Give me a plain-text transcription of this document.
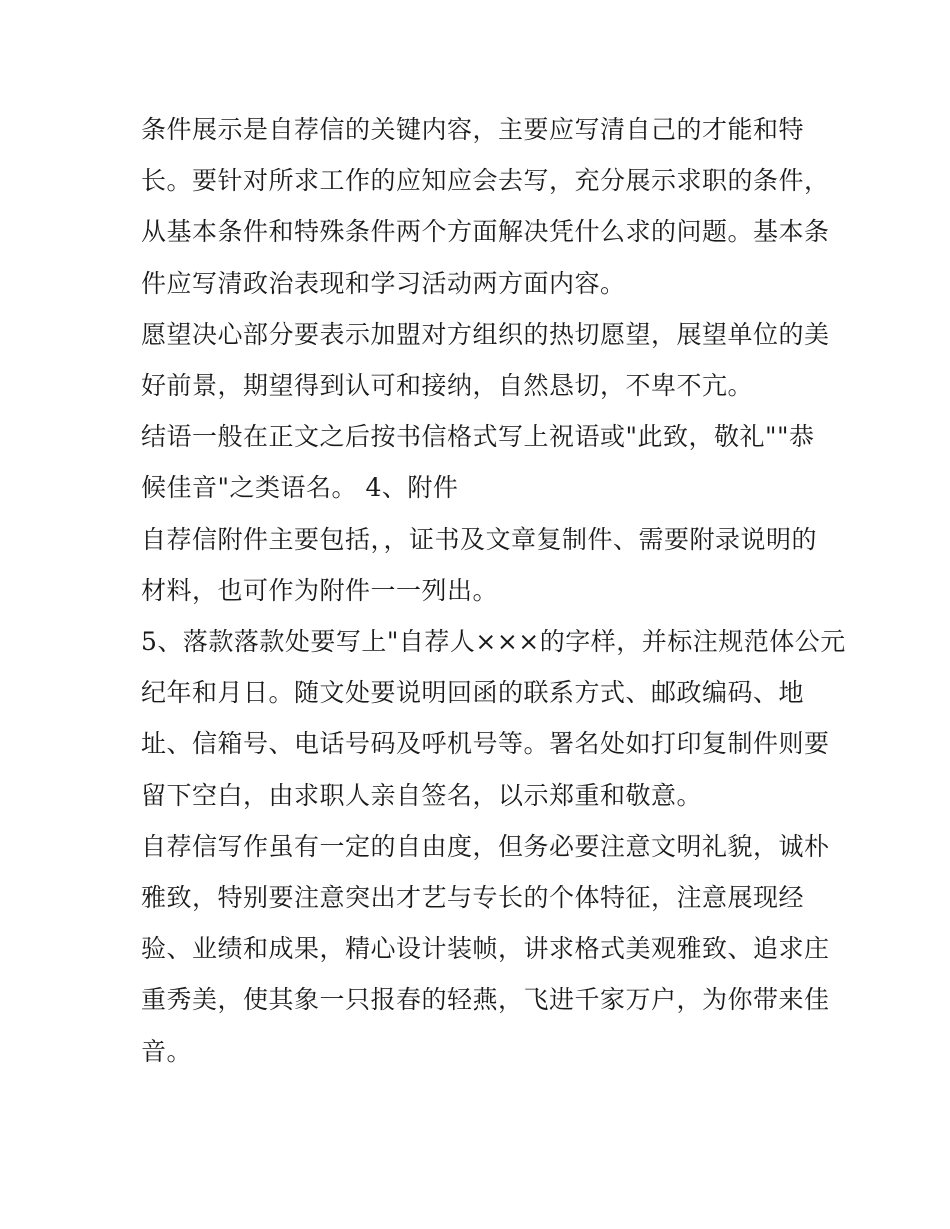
条件展示是自荐信的关键内容，主要应写清自己的才能和特
长。要针对所求工作的应知应会去写，充分展示求职的条件，
从基本条件和特殊条件两个方面解决凭什么求的问题。基本条
件应写清政治表现和学习活动两方面内容。

愿望决心部分要表示加盟对方组织的热切愿望，展望单位的美
好前景，期望得到认可和接纳，自然恳切，不卑不亢。

结语一般在正文之后按书信格式写上祝语或"此致，敬礼""恭
候佳音"之类语名。 4、附件

自荐信附件主要包括，，证书及文章复制件、需要附录说明的
材料，也可作为附件一一列出。

5、落款落款处要写上"自荐人×××的字样，并标注规范体公元
纪年和月日。随文处要说明回函的联系方式、邮政编码、地
址、信箱号、电话号码及呼机号等。署名处如打印复制件则要
留下空白，由求职人亲自签名，以示郑重和敬意。

自荐信写作虽有一定的自由度，但务必要注意文明礼貌，诚朴
雅致，特别要注意突出才艺与专长的个体特征，注意展现经
验、业绩和成果，精心设计装帧，讲求格式美观雅致、追求庄
重秀美，使其象一只报春的轻燕，飞进千家万户，为你带来佳
音。
